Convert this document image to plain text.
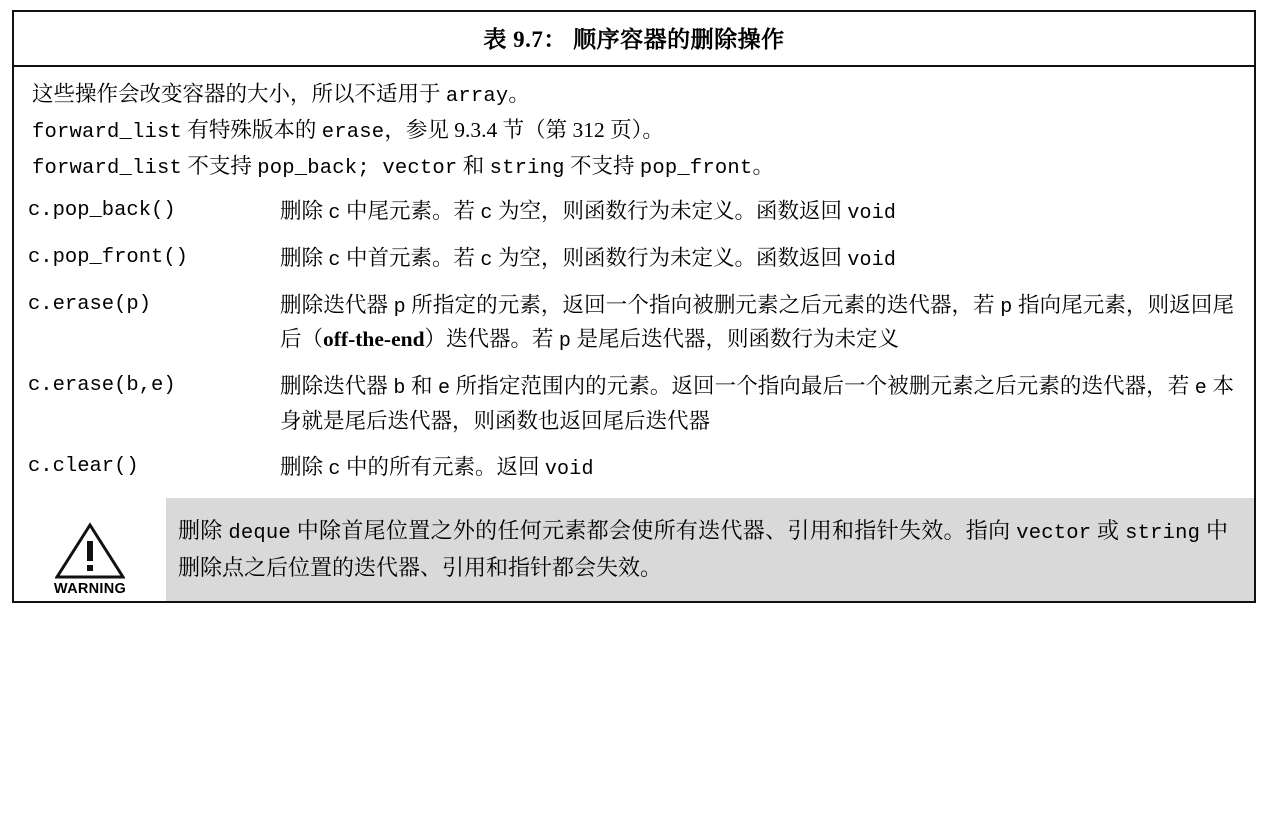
表 9.7： 顺序容器的删除操作
这些操作会改变容器的大小，所以不适用于 array。
forward_list 有特殊版本的 erase，参见 9.3.4 节（第 312 页）。
forward_list 不支持 pop_back; vector 和 string 不支持 pop_front。
c.pop_back()	删除 c 中尾元素。若 c 为空，则函数行为未定义。函数返回 void
c.pop_front()	删除 c 中首元素。若 c 为空，则函数行为未定义。函数返回 void
c.erase(p)	删除迭代器 p 所指定的元素，返回一个指向被删元素之后元素的迭代器，若 p 指向尾元素，则返回尾后（off-the-end）迭代器。若 p 是尾后迭代器，则函数行为未定义
c.erase(b,e)	删除迭代器 b 和 e 所指定范围内的元素。返回一个指向最后一个被删元素之后元素的迭代器，若 e 本身就是尾后迭代器，则函数也返回尾后迭代器
c.clear()	删除 c 中的所有元素。返回 void
WARNING
删除 deque 中除首尾位置之外的任何元素都会使所有迭代器、引用和指针失效。指向 vector 或 string 中删除点之后位置的迭代器、引用和指针都会失效。
